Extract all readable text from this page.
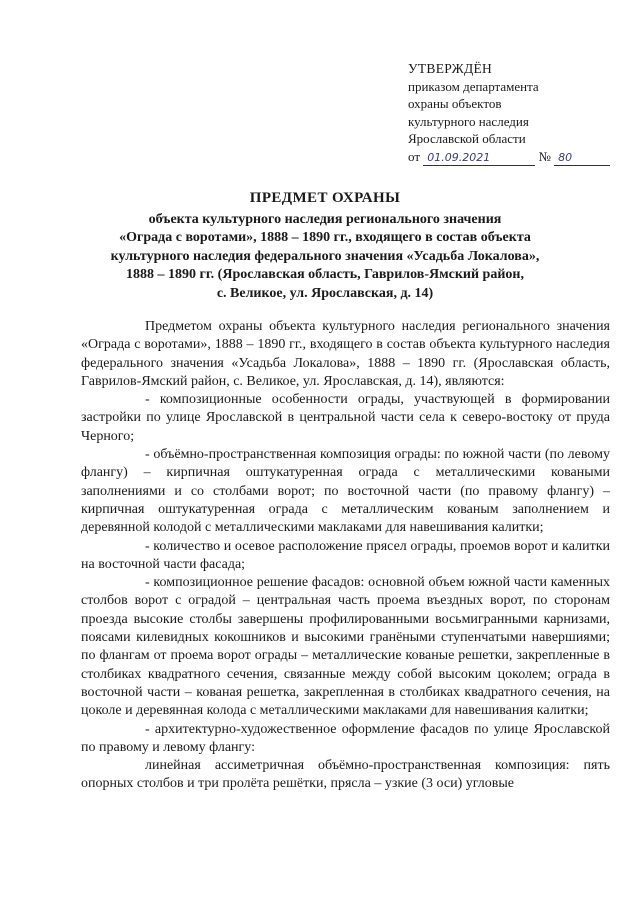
УТВЕРЖДЁН
приказом департамента
охраны объектов
культурного наследия
Ярославской области
от 01.09.2021	№ 80
ПРЕДМЕТ ОХРАНЫ
объекта культурного наследия регионального значения
«Ограда с воротами», 1888 – 1890 гг., входящего в состав объекта
культурного наследия федерального значения «Усадьба Локалова»,
1888 – 1890 гг. (Ярославская область, Гаврилов-Ямский район,
с. Великое, ул. Ярославская, д. 14)

Предметом охраны объекта культурного наследия регионального значения «Ограда с воротами», 1888 – 1890 гг., входящего в состав объекта культурного наследия федерального значения «Усадьба Локалова», 1888 – 1890 гг. (Ярославская область, Гаврилов-Ямский район, с. Великое, ул. Ярославская, д. 14), являются:

- композиционные особенности ограды, участвующей в формировании застройки по улице Ярославской в центральной части села к северо-востоку от пруда Черного;

- объёмно-пространственная композиция ограды: по южной части (по левому флангу) – кирпичная оштукатуренная ограда с металлическими коваными заполнениями и со столбами ворот; по восточной части (по правому флангу) – кирпичная оштукатуренная ограда с металлическим кованым заполнением и деревянной колодой с металлическими маклаками для навешивания калитки;

- количество и осевое расположение прясел ограды, проемов ворот и калитки на восточной части фасада;

- композиционное решение фасадов: основной объем южной части каменных столбов ворот с оградой – центральная часть проема въездных ворот, по сторонам проезда высокие столбы завершены профилированными восьмигранными карнизами, поясами килевидных кокошников и высокими гранёными ступенчатыми навершиями; по флангам от проема ворот ограды – металлические кованые решетки, закрепленные в столбиках квадратного сечения, связанные между собой высоким цоколем; ограда в восточной части – кованая решетка, закрепленная в столбиках квадратного сечения, на цоколе и деревянная колода с металлическими маклаками для навешивания калитки;

- архитектурно-художественное оформление фасадов по улице Ярославской по правому и левому флангу:

линейная ассиметричная объёмно-пространственная композиция: пять опорных столбов и три пролёта решётки, прясла – узкие (3 оси) угловые
